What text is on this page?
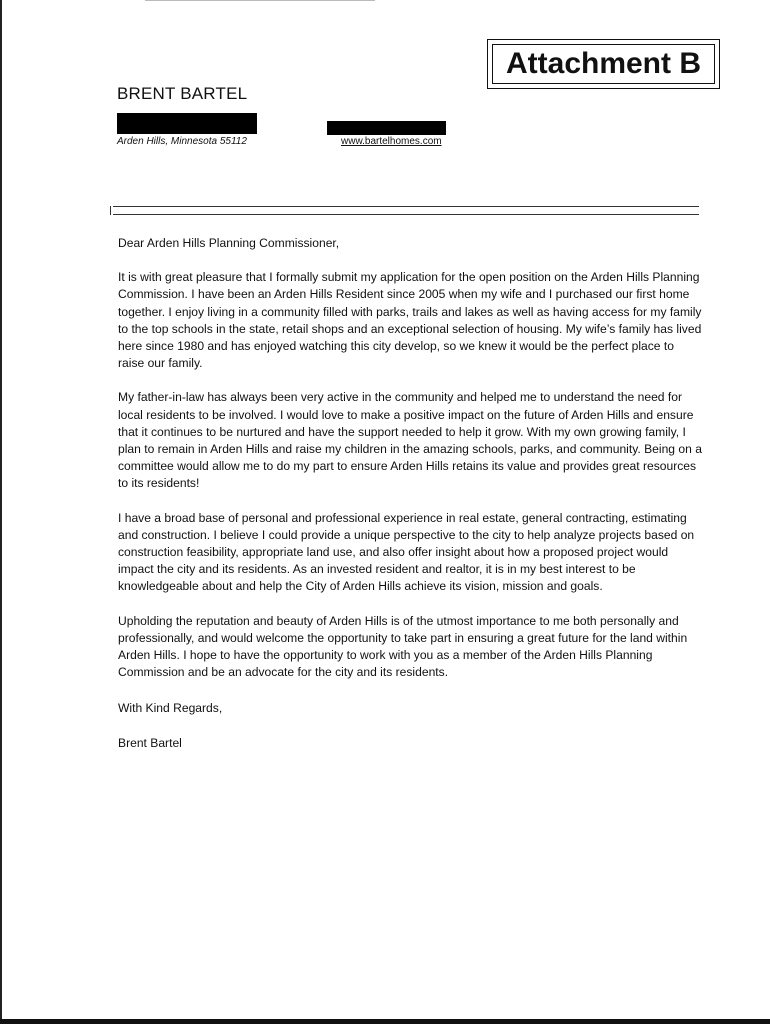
Attachment B
BRENT BARTEL
Arden Hills, Minnesota 55112	www.bartelhomes.com

Dear Arden Hills Planning Commissioner,

It is with great pleasure that I formally submit my application for the open position on the Arden Hills Planning Commission. I have been an Arden Hills Resident since 2005 when my wife and I purchased our first home together. I enjoy living in a community filled with parks, trails and lakes as well as having access for my family to the top schools in the state, retail shops and an exceptional selection of housing. My wife’s family has lived here since 1980 and has enjoyed watching this city develop, so we knew it would be the perfect place to raise our family.

My father-in-law has always been very active in the community and helped me to understand the need for local residents to be involved. I would love to make a positive impact on the future of Arden Hills and ensure that it continues to be nurtured and have the support needed to help it grow. With my own growing family, I plan to remain in Arden Hills and raise my children in the amazing schools, parks, and community. Being on a committee would allow me to do my part to ensure Arden Hills retains its value and provides great resources to its residents!

I have a broad base of personal and professional experience in real estate, general contracting, estimating and construction. I believe I could provide a unique perspective to the city to help analyze projects based on construction feasibility, appropriate land use, and also offer insight about how a proposed project would impact the city and its residents. As an invested resident and realtor, it is in my best interest to be knowledgeable about and help the City of Arden Hills achieve its vision, mission and goals.

Upholding the reputation and beauty of Arden Hills is of the utmost importance to me both personally and professionally, and would welcome the opportunity to take part in ensuring a great future for the land within Arden Hills. I hope to have the opportunity to work with you as a member of the Arden Hills Planning Commission and be an advocate for the city and its residents.

With Kind Regards,

Brent Bartel
